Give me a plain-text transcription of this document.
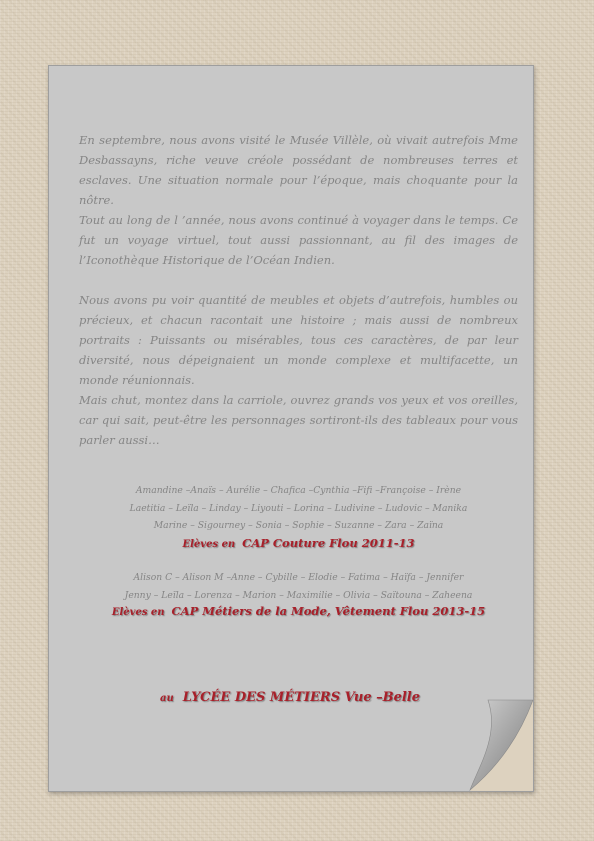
En septembre, nous avons visité le Musée Villèle, où vivait autrefois Mme Desbassayns, riche veuve créole possédant de nombreuses terres et esclaves. Une situation normale pour l’époque, mais choquante pour la nôtre.

Tout au long de l ’année, nous avons continué à voyager dans le temps. Ce fut un voyage virtuel, tout aussi passionnant, au fil des images de l’Iconothèque Historique de l’Océan Indien.

Nous avons pu voir quantité de meubles et objets d’autrefois, humbles ou précieux, et chacun racontait une histoire ; mais aussi de nombreux portraits : Puissants ou misérables, tous ces caractères, de par leur diversité, nous dépeignaient un monde complexe et multifacette, un monde réunionnais.

Mais chut, montez dans la carriole, ouvrez grands vos yeux et vos oreilles, car qui sait, peut-être les personnages sortiront-ils des tableaux pour vous parler aussi…

Amandine –Anaïs – Aurélie – Chafica –Cynthia –Fifi –Françoise – Irène

Laetitia – Leïla – Linday – Liyouti – Lorina – Ludivine – Ludovic – Manika

Marine – Sigourney – Sonia – Sophie – Suzanne – Zara – Zaïna

Elèves en CAP Couture Flou 2011-13

Alison C – Alison M –Anne – Cybille – Elodie – Fatima – Haïfa – Jennifer

Jenny – Leïla – Lorenza – Marion – Maximilie – Olivia – Saïtouna – Zaheena

Elèves en CAP Métiers de la Mode, Vêtement Flou 2013-15

au LYCÉE DES MÉTIERS Vue –Belle
